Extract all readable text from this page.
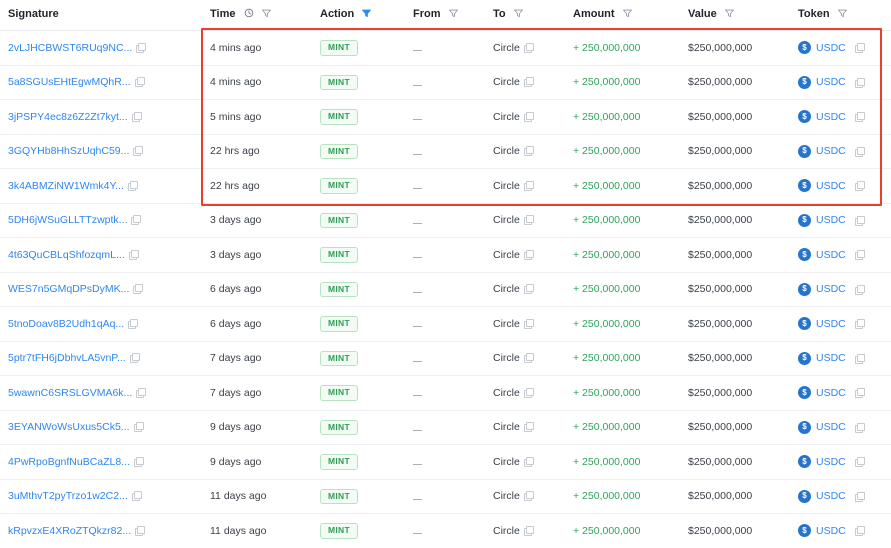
Signature	Time	Action	From	To	Amount	Value	Token

2vLJHCBWST6RUq9NC...	4 mins ago	MINT		Circle	+ 250,000,000	$250,000,000	$ USDC

5a8SGUsEHtEgwMQhR...	4 mins ago	MINT		Circle	+ 250,000,000	$250,000,000	$ USDC

3jPSPY4ec8z6Z2Zt7kyt...	5 mins ago	MINT		Circle	+ 250,000,000	$250,000,000	$ USDC

3GQYHb8HhSzUqhC59...	22 hrs ago	MINT		Circle	+ 250,000,000	$250,000,000	$ USDC

3k4ABMZiNW1Wmk4Y...	22 hrs ago	MINT		Circle	+ 250,000,000	$250,000,000	$ USDC

5DH6jWSuGLLTTzwptk...	3 days ago	MINT		Circle	+ 250,000,000	$250,000,000	$ USDC

4t63QuCBLqShfozqmL...	3 days ago	MINT		Circle	+ 250,000,000	$250,000,000	$ USDC

WES7n5GMqDPsDyMK...	6 days ago	MINT		Circle	+ 250,000,000	$250,000,000	$ USDC

5tnoDoav8B2Udh1qAq...	6 days ago	MINT		Circle	+ 250,000,000	$250,000,000	$ USDC

5ptr7tFH6jDbhvLA5vnP...	7 days ago	MINT		Circle	+ 250,000,000	$250,000,000	$ USDC

5wawnC6SRSLGVMA6k...	7 days ago	MINT		Circle	+ 250,000,000	$250,000,000	$ USDC

3EYANWoWsUxus5Ck5...	9 days ago	MINT		Circle	+ 250,000,000	$250,000,000	$ USDC

4PwRpoBgnfNuBCaZL8...	9 days ago	MINT		Circle	+ 250,000,000	$250,000,000	$ USDC

3uMthvT2pyTrzo1w2C2...	11 days ago	MINT		Circle	+ 250,000,000	$250,000,000	$ USDC

kRpvzxE4XRoZTQkzr82...	11 days ago	MINT		Circle	+ 250,000,000	$250,000,000	$ USDC
